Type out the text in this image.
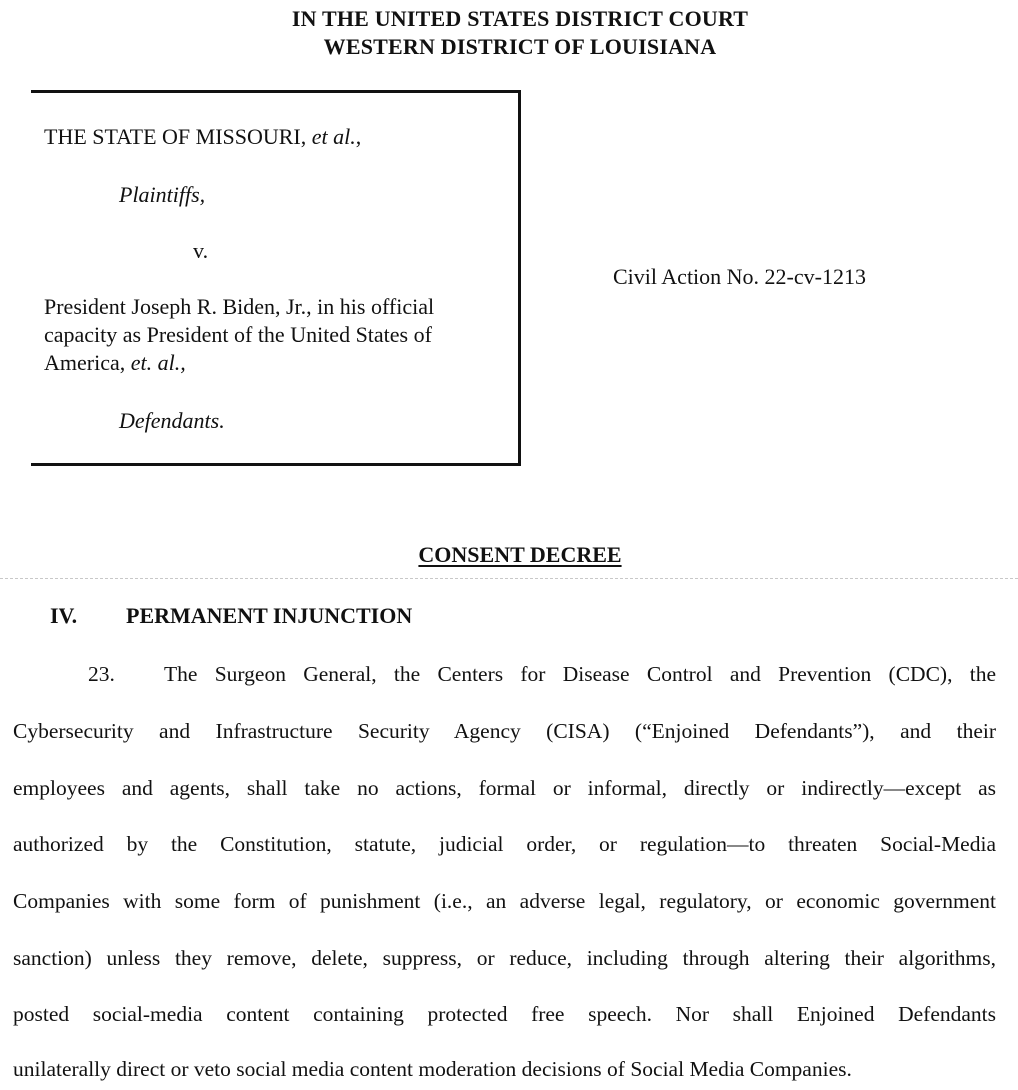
IN THE UNITED STATES DISTRICT COURT
WESTERN DISTRICT OF LOUISIANA
THE STATE OF MISSOURI, et al.,
Plaintiffs,
v.
President Joseph R. Biden, Jr., in his official
capacity as President of the United States of
America, et. al.,
Defendants.
Civil Action No. 22-cv-1213
CONSENT DECREE
IV. PERMANENT INJUNCTION
23. The Surgeon General, the Centers for Disease Control and Prevention (CDC), the
Cybersecurity and Infrastructure Security Agency (CISA) (“Enjoined Defendants”), and their
employees and agents, shall take no actions, formal or informal, directly or indirectly—except as
authorized by the Constitution, statute, judicial order, or regulation—to threaten Social-Media
Companies with some form of punishment (i.e., an adverse legal, regulatory, or economic government
sanction) unless they remove, delete, suppress, or reduce, including through altering their algorithms,
posted social-media content containing protected free speech. Nor shall Enjoined Defendants
unilaterally direct or veto social media content moderation decisions of Social Media Companies.
